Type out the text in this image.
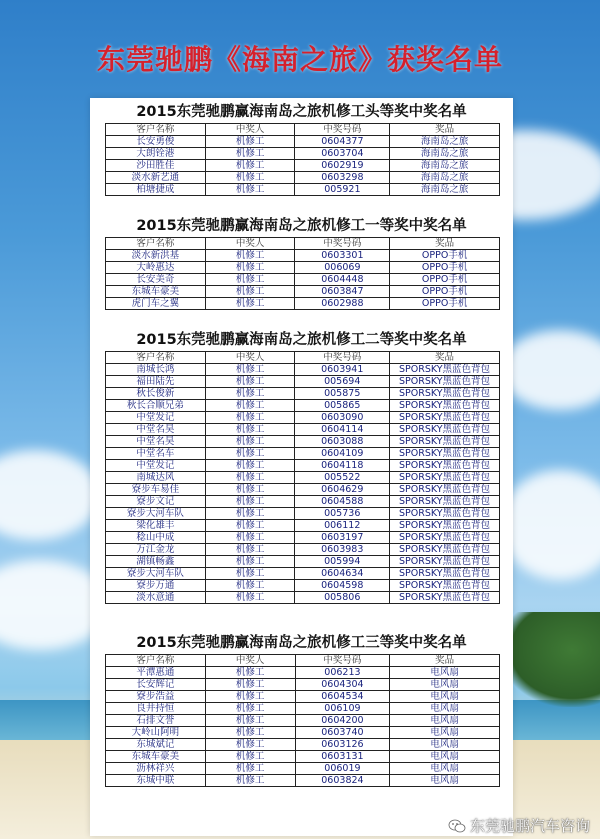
东莞驰鹏《海南之旅》获奖名单
2015东莞驰鹏赢海南岛之旅机修工头等奖中奖名单
客户名称	中奖人	中奖号码	奖品
长安勇俊	机修工	0604377	海南岛之旅
大朗铨港	机修工	0603704	海南岛之旅
沙田胜佳	机修工	0602919	海南岛之旅
淡水新艺通	机修工	0603298	海南岛之旅
柏塘捷成	机修工	005921	海南岛之旅
2015东莞驰鹏赢海南岛之旅机修工一等奖中奖名单
客户名称	中奖人	中奖号码	奖品
淡水新洪基	机修工	0603301	OPPO手机
大岭惠达	机修工	006069	OPPO手机
长安美奇	机修工	0604448	OPPO手机
东城车豪美	机修工	0603847	OPPO手机
虎门车之翼	机修工	0602988	OPPO手机
2015东莞驰鹏赢海南岛之旅机修工二等奖中奖名单
客户名称	中奖人	中奖号码	奖品
南城长鸿	机修工	0603941	SPORSKY黑蓝色背包
福田陆先	机修工	005694	SPORSKY黑蓝色背包
秋长俊新	机修工	005875	SPORSKY黑蓝色背包
秋长合顺兄弟	机修工	005865	SPORSKY黑蓝色背包
中堂发记	机修工	0603090	SPORSKY黑蓝色背包
中堂名昊	机修工	0604114	SPORSKY黑蓝色背包
中堂名昊	机修工	0603088	SPORSKY黑蓝色背包
中堂名车	机修工	0604109	SPORSKY黑蓝色背包
中堂发记	机修工	0604118	SPORSKY黑蓝色背包
南城达风	机修工	005522	SPORSKY黑蓝色背包
寮步车易佳	机修工	0604629	SPORSKY黑蓝色背包
寮步文记	机修工	0604588	SPORSKY黑蓝色背包
寮步大河车队	机修工	005736	SPORSKY黑蓝色背包
梁化雄丰	机修工	006112	SPORSKY黑蓝色背包
稔山中成	机修工	0603197	SPORSKY黑蓝色背包
万江金龙	机修工	0603983	SPORSKY黑蓝色背包
湖镇畅鑫	机修工	005994	SPORSKY黑蓝色背包
寮步大河车队	机修工	0604634	SPORSKY黑蓝色背包
寮步万通	机修工	0604598	SPORSKY黑蓝色背包
淡水意通	机修工	005806	SPORSKY黑蓝色背包
2015东莞驰鹏赢海南岛之旅机修工三等奖中奖名单
客户名称	中奖人	中奖号码	奖品
平潭惠通	机修工	006213	电风扇
长安辉记	机修工	0604304	电风扇
寮步浩益	机修工	0604534	电风扇
良井持恒	机修工	006109	电风扇
石排文誉	机修工	0604200	电风扇
大岭山阿明	机修工	0603740	电风扇
东城斌记	机修工	0603126	电风扇
东城车豪美	机修工	0603131	电风扇
沥林祥兴	机修工	006019	电风扇
东城中联	机修工	0603824	电风扇
东莞驰鹏汽车咨询
